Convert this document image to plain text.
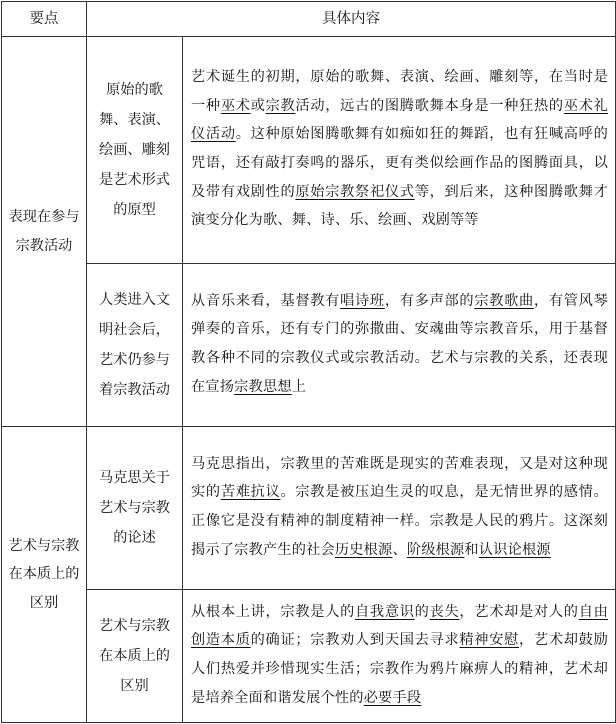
要点	具体内容	
表现在参与宗教活动	原始的歌舞、表演、绘画、雕刻是艺术形式的原型	艺术诞生的初期，原始的歌舞、表演、绘画、雕刻等，在当时是一种巫术或宗教活动，远古的图腾歌舞本身是一种狂热的巫术礼仪活动。这种原始图腾歌舞有如痴如狂的舞蹈，也有狂喊高呼的咒语，还有敲打奏鸣的器乐，更有类似绘画作品的图腾面具，以及带有戏剧性的原始宗教祭祀仪式等，到后来，这种图腾歌舞才演变分化为歌、舞、诗、乐、绘画、戏剧等等
	人类进入文明社会后，艺术仍参与着宗教活动	从音乐来看，基督教有唱诗班，有多声部的宗教歌曲，有管风琴弹奏的音乐，还有专门的弥撒曲、安魂曲等宗教音乐，用于基督教各种不同的宗教仪式或宗教活动。艺术与宗教的关系，还表现在宣扬宗教思想上
艺术与宗教在本质上的区别	马克思关于艺术与宗教的论述	马克思指出，宗教里的苦难既是现实的苦难表现，又是对这种现实的苦难抗议。宗教是被压迫生灵的叹息，是无情世界的感情。正像它是没有精神的制度精神一样。宗教是人民的鸦片。这深刻揭示了宗教产生的社会历史根源、阶级根源和认识论根源
	艺术与宗教在本质上的区别	从根本上讲，宗教是人的自我意识的丧失，艺术却是对人的自由创造本质的确证；宗教劝人到天国去寻求精神安慰，艺术却鼓励人们热爱并珍惜现实生活；宗教作为鸦片麻痹人的精神，艺术却是培养全面和谐发展个性的必要手段
